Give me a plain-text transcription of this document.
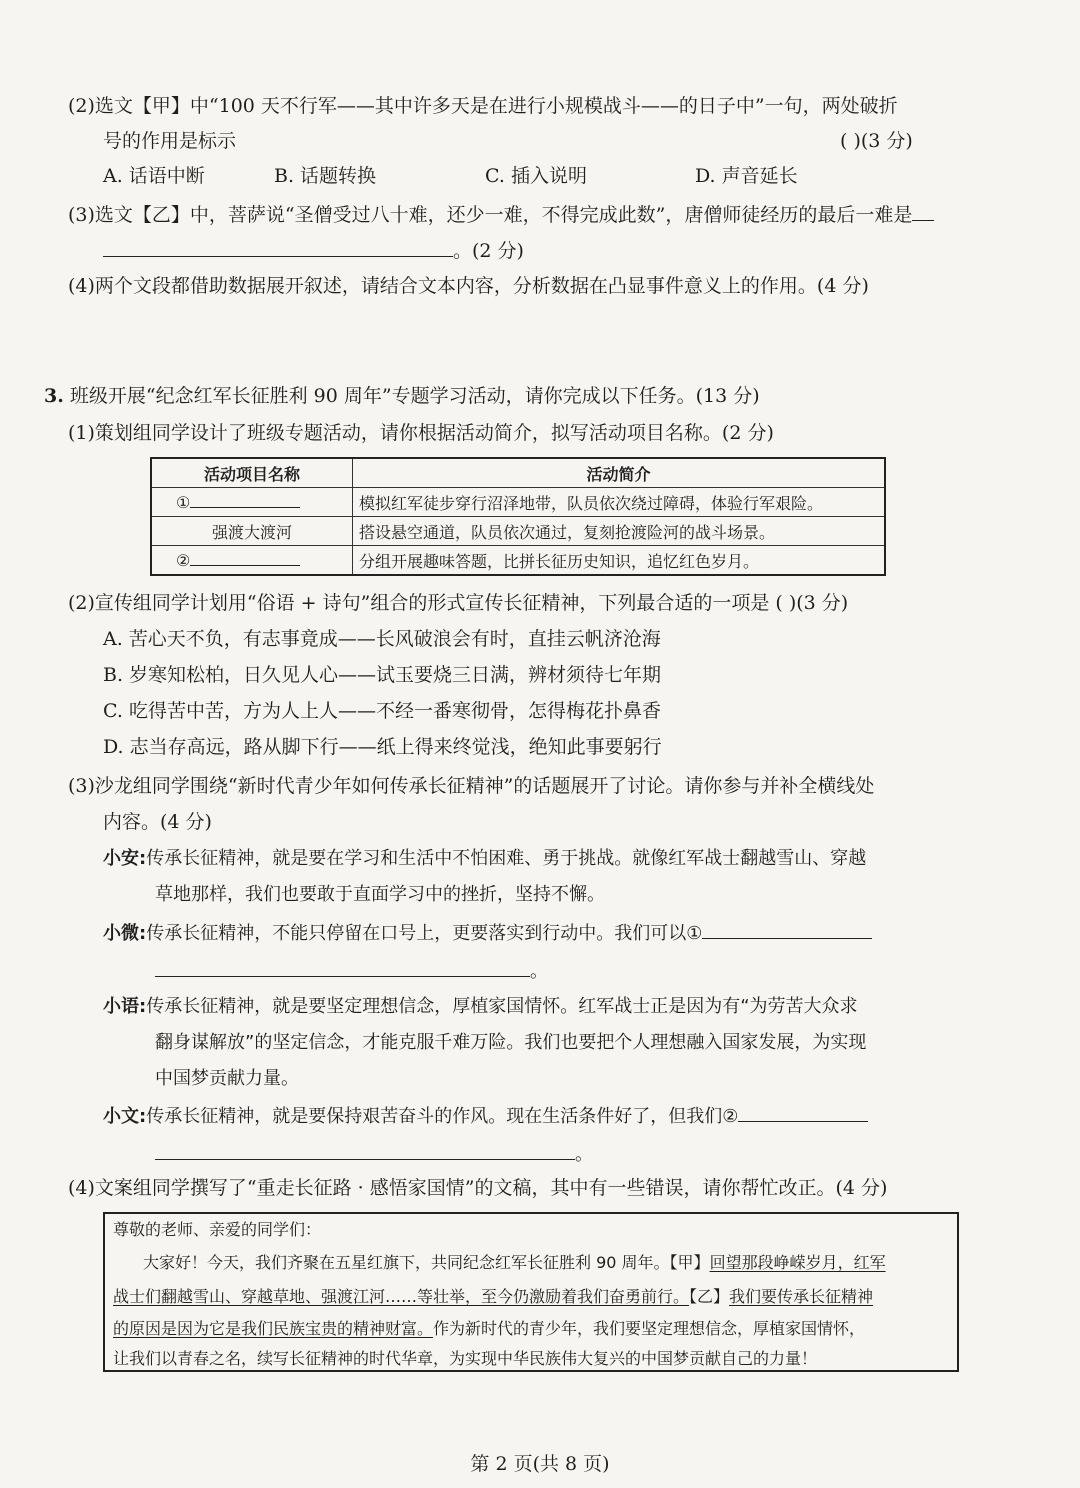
(2)选文【甲】中“100 天不行军——其中许多天是在进行小规模战斗——的日子中”一句，两处破折
号的作用是标示	( )(3 分)
A. 话语中断	B. 话题转换	C. 插入说明	D. 声音延长
(3)选文【乙】中，菩萨说“圣僧受过八十难，还少一难，不得完成此数”，唐僧师徒经历的最后一难是
。(2 分)
(4)两个文段都借助数据展开叙述，请结合文本内容，分析数据在凸显事件意义上的作用。(4 分)
3. 班级开展“纪念红军长征胜利 90 周年”专题学习活动，请你完成以下任务。(13 分)
(1)策划组同学设计了班级专题活动，请你根据活动简介，拟写活动项目名称。(2 分)
活动项目名称	活动简介
①	模拟红军徒步穿行沼泽地带，队员依次绕过障碍，体验行军艰险。
强渡大渡河	搭设悬空通道，队员依次通过，复刻抢渡险河的战斗场景。
②	分组开展趣味答题，比拼长征历史知识，追忆红色岁月。
(2)宣传组同学计划用“俗语 + 诗句”组合的形式宣传长征精神，下列最合适的一项是 ( )(3 分)
A. 苦心天不负，有志事竟成——长风破浪会有时，直挂云帆济沧海
B. 岁寒知松柏，日久见人心——试玉要烧三日满，辨材须待七年期
C. 吃得苦中苦，方为人上人——不经一番寒彻骨，怎得梅花扑鼻香
D. 志当存高远，路从脚下行——纸上得来终觉浅，绝知此事要躬行
(3)沙龙组同学围绕“新时代青少年如何传承长征精神”的话题展开了讨论。请你参与并补全横线处
内容。(4 分)
小安:传承长征精神，就是要在学习和生活中不怕困难、勇于挑战。就像红军战士翻越雪山、穿越
草地那样，我们也要敢于直面学习中的挫折，坚持不懈。
小微:传承长征精神，不能只停留在口号上，更要落实到行动中。我们可以①
。
小语:传承长征精神，就是要坚定理想信念，厚植家国情怀。红军战士正是因为有“为劳苦大众求
翻身谋解放”的坚定信念，才能克服千难万险。我们也要把个人理想融入国家发展，为实现
中国梦贡献力量。
小文:传承长征精神，就是要保持艰苦奋斗的作风。现在生活条件好了，但我们②
。
(4)文案组同学撰写了“重走长征路 · 感悟家国情”的文稿，其中有一些错误，请你帮忙改正。(4 分)
尊敬的老师、亲爱的同学们：
大家好！今天，我们齐聚在五星红旗下，共同纪念红军长征胜利 90 周年。【甲】回望那段峥嵘岁月，红军
战士们翻越雪山、穿越草地、强渡江河……等壮举，至今仍激励着我们奋勇前行。【乙】我们要传承长征精神
的原因是因为它是我们民族宝贵的精神财富。作为新时代的青少年，我们要坚定理想信念，厚植家国情怀，
让我们以青春之名，续写长征精神的时代华章，为实现中华民族伟大复兴的中国梦贡献自己的力量！
第 2 页(共 8 页)
